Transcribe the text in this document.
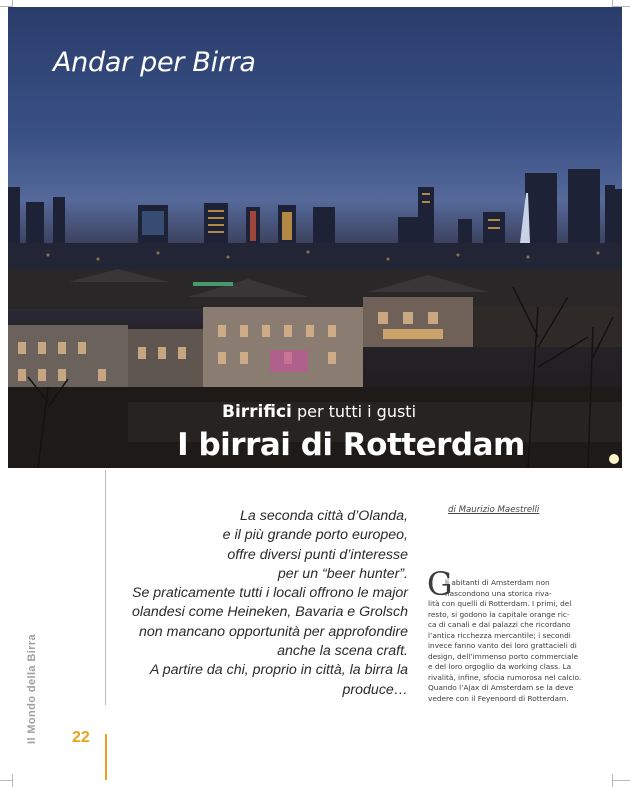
Andar per Birra
Birrifici per tutti i gusti
I birrai di Rotterdam
Il Mondo della Birra 22
La seconda città d’Olanda,
e il più grande porto europeo,
offre diversi punti d’interesse
per un “beer hunter”.
Se praticamente tutti i locali offrono le major
olandesi come Heineken, Bavaria e Grolsch
non mancano opportunità per approfondire
anche la scena craft.
A partire da chi, proprio in città, la birra la
produce…
di Maurizio Maestrelli
G
li abitanti di Amsterdam non
nascondono una storica riva-
lità con quelli di Rotterdam. I primi, del
resto, si godono la capitale orange ric-
ca di canali e dai palazzi che ricordano
l’antica ricchezza mercantile; i secondi
invece fanno vanto dei loro grattacieli di
design, dell’immenso porto commerciale
e del loro orgoglio da working class. La
rivalità, infine, sfocia rumorosa nel calcio.
Quando l’Ajax di Amsterdam se la deve
vedere con il Feyenoord di Rotterdam.
